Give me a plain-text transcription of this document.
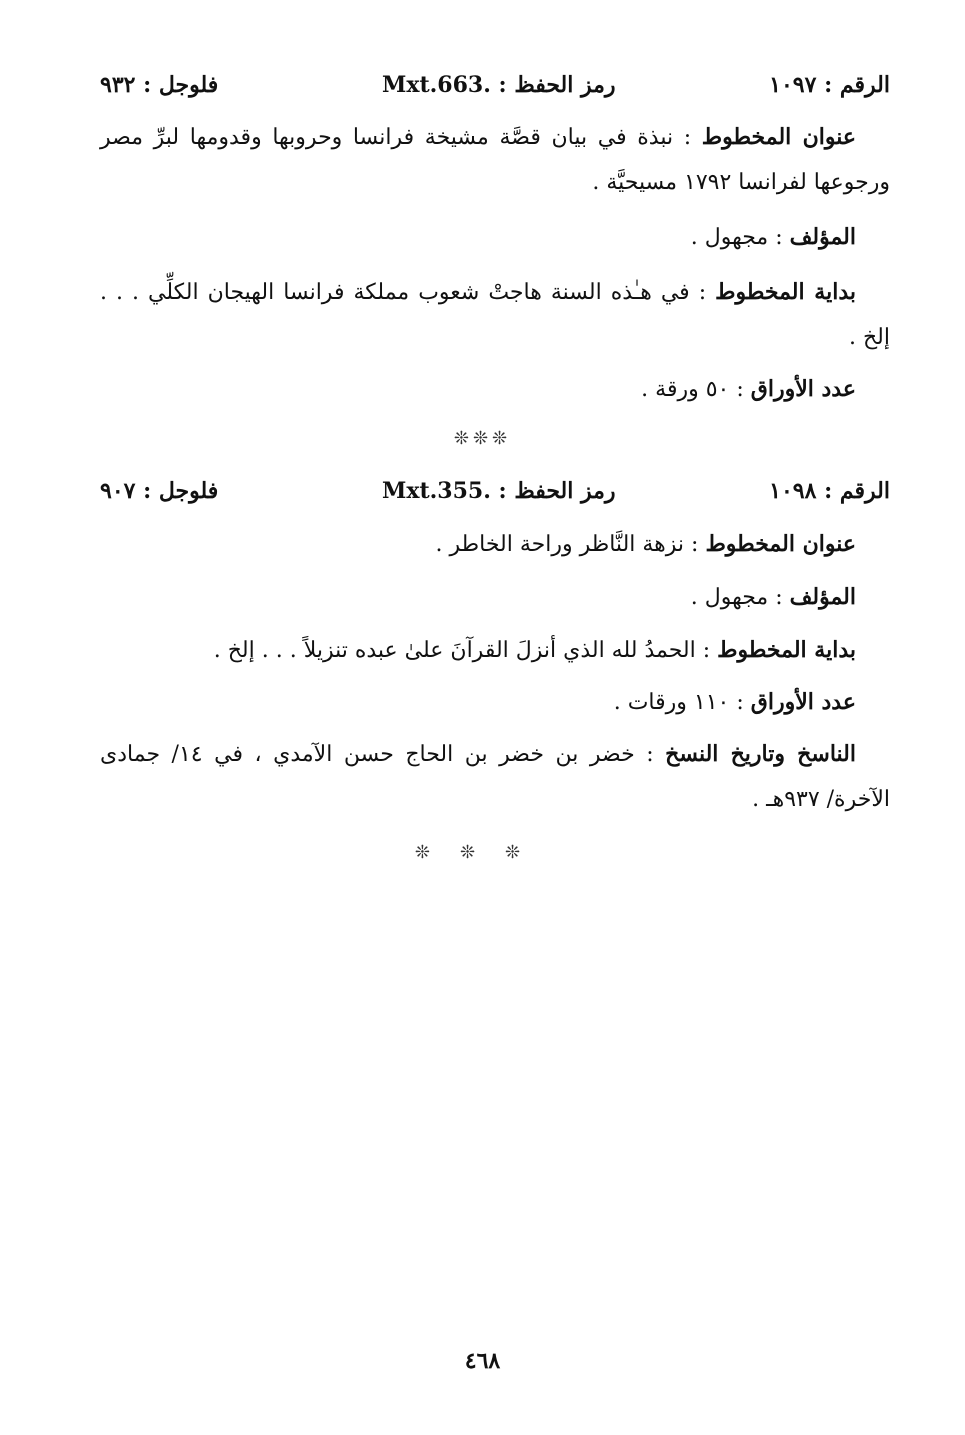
الرقم : ١٠٩٧
رمز الحفظ : Mxt.663.
فلوجل : ٩٣٢
عنوان المخطوط : نبذة في بيان قصَّة مشيخة فرانسا وحروبها وقدومها لبرِّ مصر ورجوعها لفرانسا ١٧٩٢ مسيحيَّة .
المؤلف : مجهول .
بداية المخطوط : في هـٰذه السنة هاجتْ شعوب مملكة فرانسا الهيجان الكلِّي . . . إلخ .
عدد الأوراق : ٥٠ ورقة .
❊❊❊
الرقم : ١٠٩٨
رمز الحفظ : Mxt.355.
فلوجل : ٩٠٧
عنوان المخطوط : نزهة النَّاظر وراحة الخاطر .
المؤلف : مجهول .
بداية المخطوط : الحمدُ لله الذي أنزلَ القرآنَ علىٰ عبده تنزيلاً . . . إلخ .
عدد الأوراق : ١١٠ ورقات .
الناسخ وتاريخ النسخ : خضر بن خضر بن الحاج حسن الآمدي ، في ١٤/ جمادى الآخرة/ ٩٣٧هـ .
❊❊❊
٤٦٨
